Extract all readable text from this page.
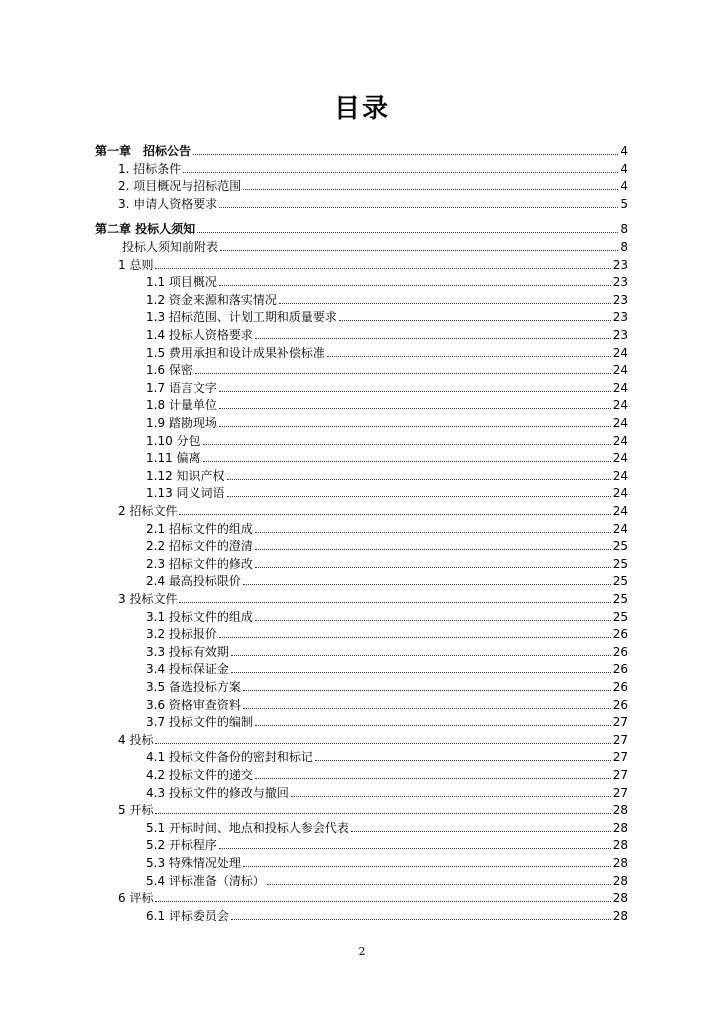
目录
第一章　招标公告	4
1. 招标条件	4
2. 项目概况与招标范围	4
3. 申请人资格要求	5
第二章 投标人须知	8
投标人须知前附表	8
1 总则	23
1.1 项目概况	23
1.2 资金来源和落实情况	23
1.3 招标范围、计划工期和质量要求	23
1.4 投标人资格要求	23
1.5 费用承担和设计成果补偿标准	24
1.6 保密	24
1.7 语言文字	24
1.8 计量单位	24
1.9 踏勘现场	24
1.10 分包	24
1.11 偏离	24
1.12 知识产权	24
1.13 同义词语	24
2 招标文件	24
2.1 招标文件的组成	24
2.2 招标文件的澄清	25
2.3 招标文件的修改	25
2.4 最高投标限价	25
3 投标文件	25
3.1 投标文件的组成	25
3.2 投标报价	26
3.3 投标有效期	26
3.4 投标保证金	26
3.5 备选投标方案	26
3.6 资格审查资料	26
3.7 投标文件的编制	27
4 投标	27
4.1 投标文件备份的密封和标记	27
4.2 投标文件的递交	27
4.3 投标文件的修改与撤回	27
5 开标	28
5.1 开标时间、地点和投标人参会代表	28
5.2 开标程序	28
5.3 特殊情况处理	28
5.4 评标准备（清标）	28
6 评标	28
6.1 评标委员会	28
2
